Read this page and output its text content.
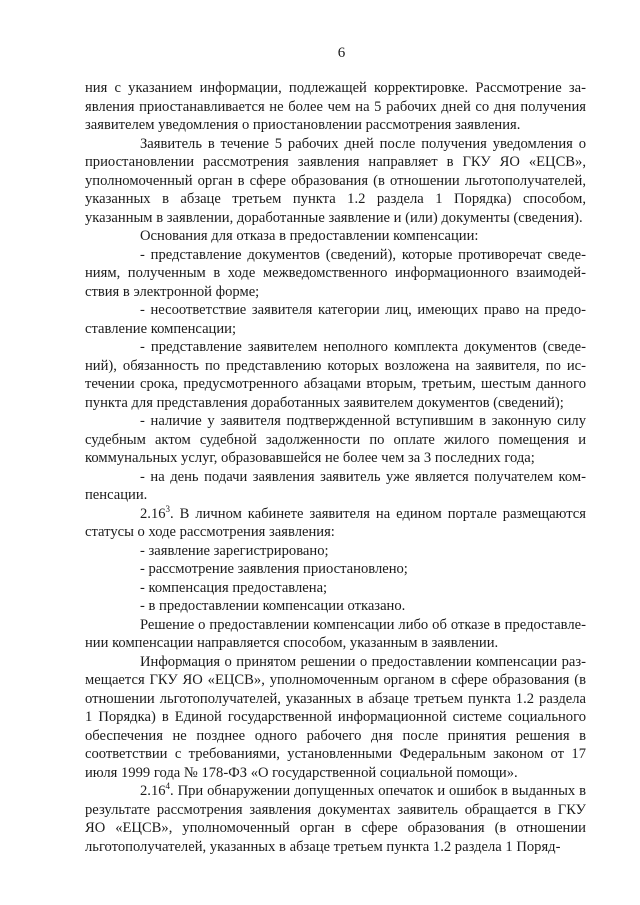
6

ния с указанием информации, подлежащей корректировке. Рассмотрение заявления приостанавливается не более чем на 5 рабочих дней со дня получения заявителем уведомления о приостановлении рассмотрения заявления.

Заявитель в течение 5 рабочих дней после получения уведомления о приостановлении рассмотрения заявления направляет в ГКУ ЯО «ЕЦСВ», уполномоченный орган в сфере образования (в отношении льготополучателей, указанных в абзаце третьем пункта 1.2 раздела 1 Порядка) способом, указанным в заявлении, доработанные заявление и (или) документы (сведения).

Основания для отказа в предоставлении компенсации:

- представление документов (сведений), которые противоречат сведениям, полученным в ходе межведомственного информационного взаимодействия в электронной форме;

- несоответствие заявителя категории лиц, имеющих право на предоставление компенсации;

- представление заявителем неполного комплекта документов (сведений), обязанность по представлению которых возложена на заявителя, по истечении срока, предусмотренного абзацами вторым, третьим, шестым данного пункта для представления доработанных заявителем документов (сведений);

- наличие у заявителя подтвержденной вступившим в законную силу судебным актом судебной задолженности по оплате жилого помещения и коммунальных услуг, образовавшейся не более чем за 3 последних года;

- на день подачи заявления заявитель уже является получателем компенсации.

2.16$^3$. В личном кабинете заявителя на едином портале размещаются статусы о ходе рассмотрения заявления:

- заявление зарегистрировано;

- рассмотрение заявления приостановлено;

- компенсация предоставлена;

- в предоставлении компенсации отказано.

Решение о предоставлении компенсации либо об отказе в предоставлении компенсации направляется способом, указанным в заявлении.

Информация о принятом решении о предоставлении компенсации размещается ГКУ ЯО «ЕЦСВ», уполномоченным органом в сфере образования (в отношении льготополучателей, указанных в абзаце третьем пункта 1.2 раздела 1 Порядка) в Единой государственной информационной системе социального обеспечения не позднее одного рабочего дня после принятия решения в соответствии с требованиями, установленными Федеральным законом от 17 июля 1999 года № 178-ФЗ «О государственной социальной помощи».

2.16$^4$. При обнаружении допущенных опечаток и ошибок в выданных в результате рассмотрения заявления документах заявитель обращается в ГКУ ЯО «ЕЦСВ», уполномоченный орган в сфере образования (в отношении льготополучателей, указанных в абзаце третьем пункта 1.2 раздела 1 Поряд-
